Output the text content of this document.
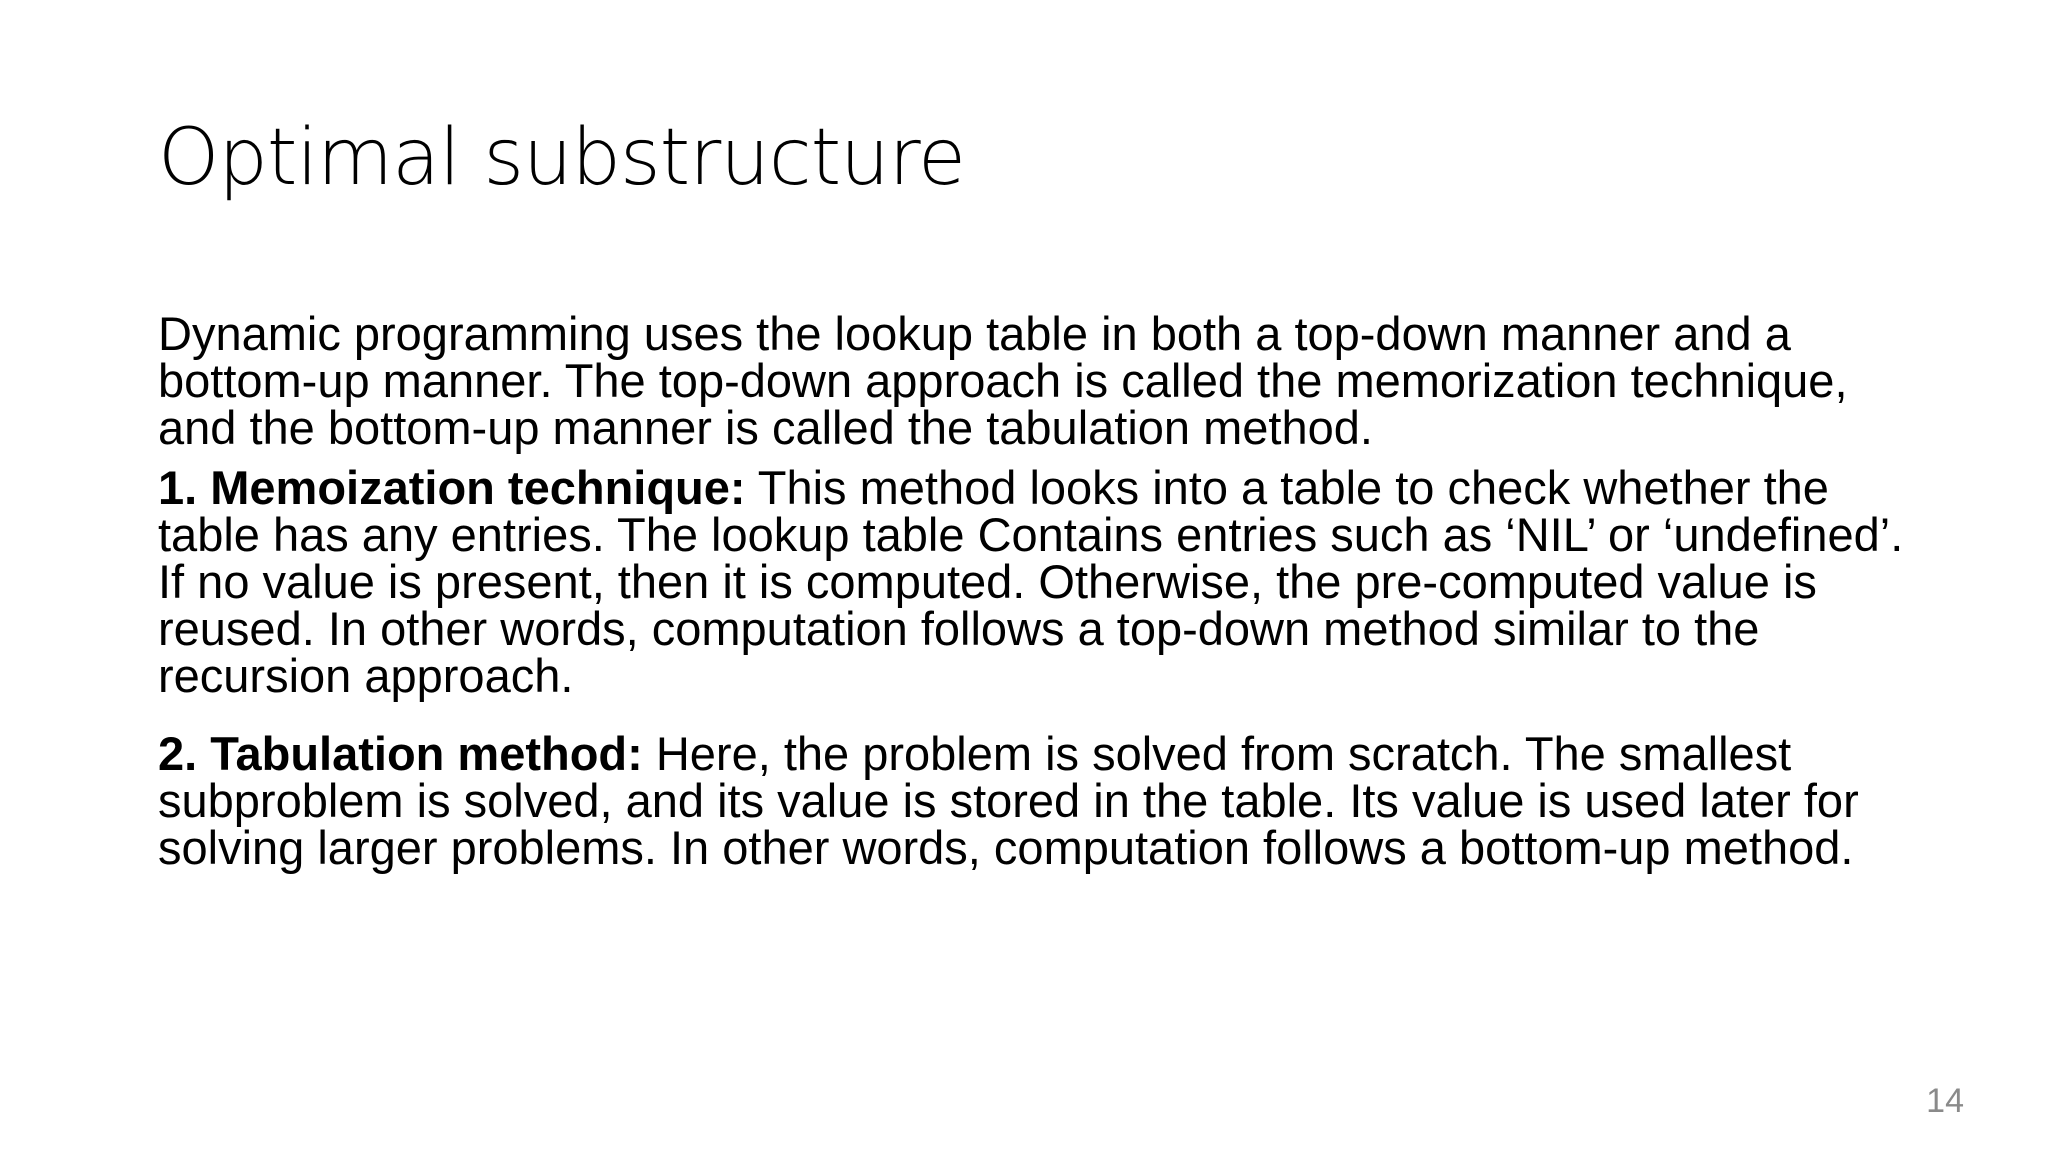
Optimal substructure

Dynamic programming uses the lookup table in both a top-down manner and a bottom-up manner. The top-down approach is called the memorization technique, and the bottom-up manner is called the tabulation method.

1. Memoization technique: This method looks into a table to check whether the table has any entries. The lookup table Contains entries such as ‘NIL’ or ‘undefined’. If no value is present, then it is computed. Otherwise, the pre-computed value is reused. In other words, computation follows a top-down method similar to the recursion approach.

2. Tabulation method: Here, the problem is solved from scratch. The smallest subproblem is solved, and its value is stored in the table. Its value is used later for solving larger problems. In other words, computation follows a bottom-up method.

14
